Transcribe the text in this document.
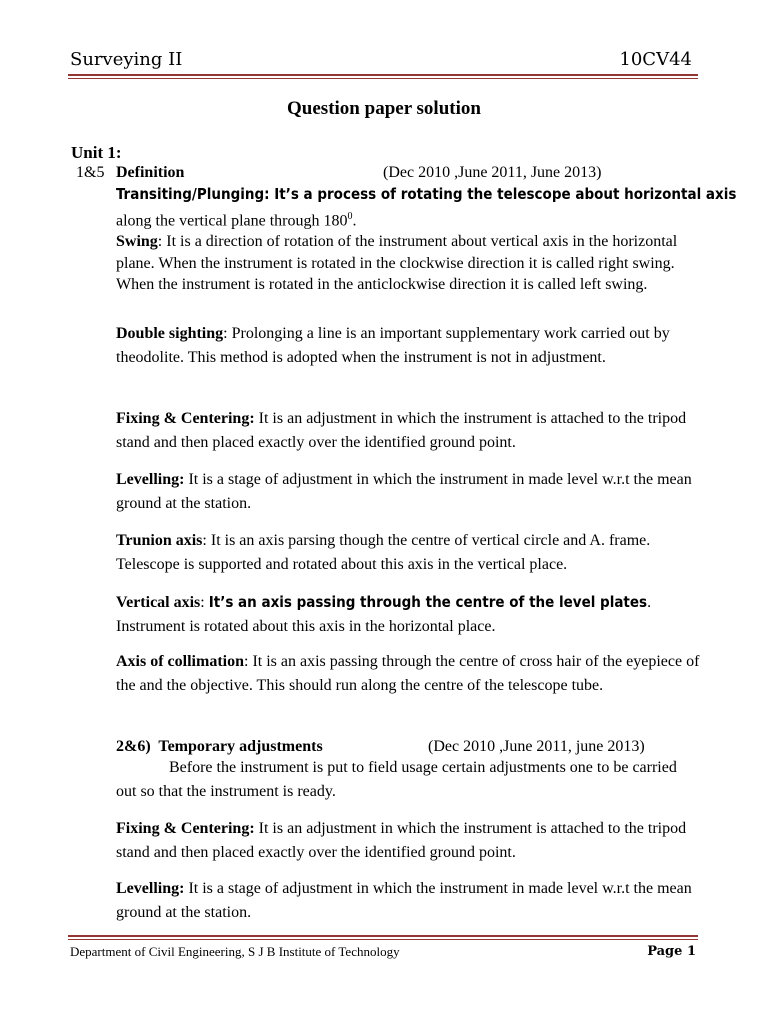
Surveying II	10CV44
Question paper solution
Unit 1:
1&5 Definition	(Dec 2010 ,June 2011, June 2013)
Transiting/Plunging: It’s a process of rotating the telescope about horizontal axis
along the vertical plane through $180^0$.
Swing: It is a direction of rotation of the instrument about vertical axis in the horizontal plane. When the instrument is rotated in the clockwise direction it is called right swing. When the instrument is rotated in the anticlockwise direction it is called left swing.
Double sighting: Prolonging a line is an important supplementary work carried out by theodolite. This method is adopted when the instrument is not in adjustment.
Fixing & Centering: It is an adjustment in which the instrument is attached to the tripod stand and then placed exactly over the identified ground point.
Levelling: It is a stage of adjustment in which the instrument in made level w.r.t the mean ground at the station.
Trunion axis: It is an axis parsing though the centre of vertical circle and A. frame. Telescope is supported and rotated about this axis in the vertical place.
Vertical axis: It’s an axis passing through the centre of the level plates.
Instrument is rotated about this axis in the horizontal place.
Axis of collimation: It is an axis passing through the centre of cross hair of the eyepiece of the and the objective. This should run along the centre of the telescope tube.
2&6)  Temporary adjustments	(Dec 2010 ,June 2011, june 2013)
Before the instrument is put to field usage certain adjustments one to be carried out so that the instrument is ready.
Fixing & Centering: It is an adjustment in which the instrument is attached to the tripod stand and then placed exactly over the identified ground point.
Levelling: It is a stage of adjustment in which the instrument in made level w.r.t the mean ground at the station.
Department of Civil Engineering, S J B Institute of Technology	Page 1
